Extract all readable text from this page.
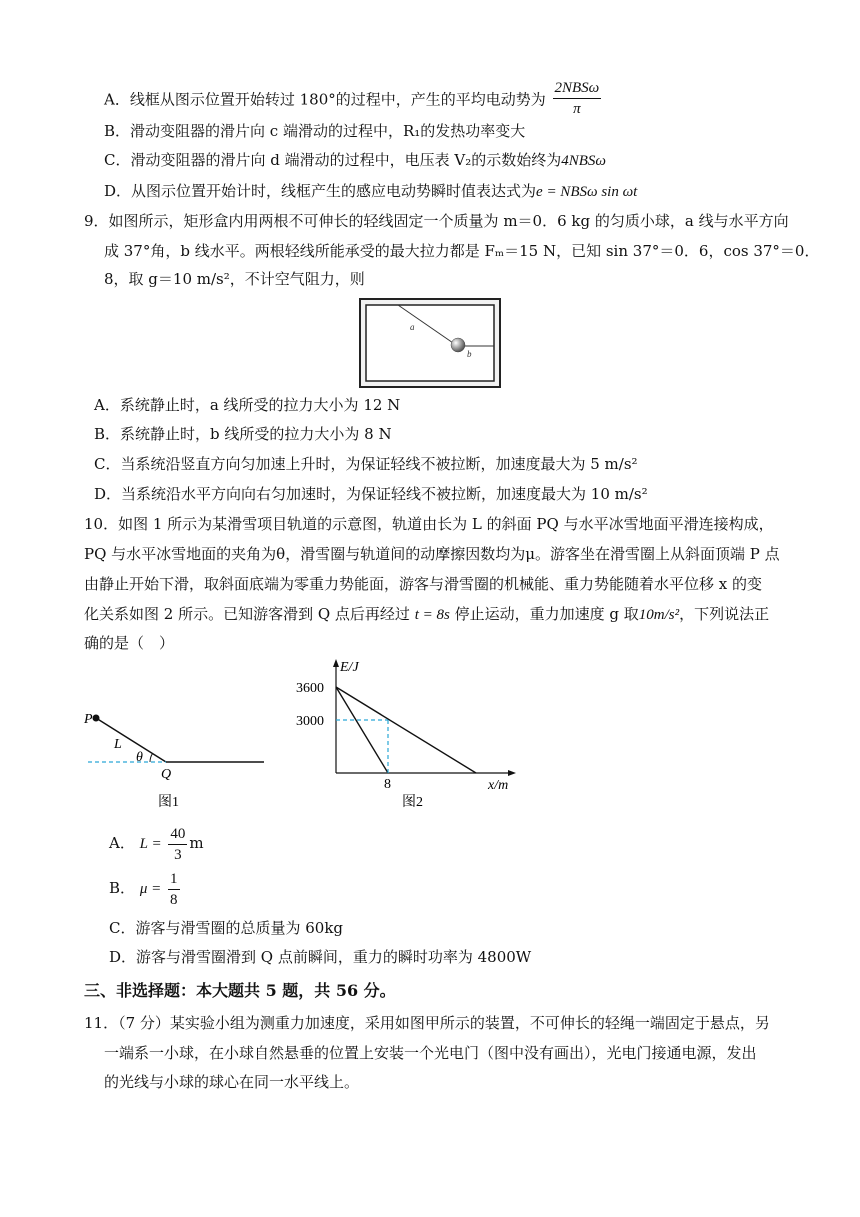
A．线框从图示位置开始转过 180°的过程中，产生的平均电动势为 $\frac{\text{2NBSω}}{\pi}$
B．滑动变阻器的滑片向 c 端滑动的过程中，R₁的发热功率变大
C．滑动变阻器的滑片向 d 端滑动的过程中，电压表 V₂的示数始终为4NBSω
D．从图示位置开始计时，线框产生的感应电动势瞬时值表达式为e = NBSω sin ωt
9．如图所示，矩形盒内用两根不可伸长的轻线固定一个质量为 m＝0．6 kg 的匀质小球，a 线与水平方向
成 37°角，b 线水平。两根轻线所能承受的最大拉力都是 Fₘ＝15 N，已知 sin 37°＝0．6，cos 37°＝0．
8，取 g＝10 m/s²，不计空气阻力，则
a
b
A．系统静止时，a 线所受的拉力大小为 12 N
B．系统静止时，b 线所受的拉力大小为 8 N
C．当系统沿竖直方向匀加速上升时，为保证轻线不被拉断，加速度最大为 5 m/s²
D．当系统沿水平方向向右匀加速时，为保证轻线不被拉断，加速度最大为 10 m/s²
10．如图 1 所示为某滑雪项目轨道的示意图，轨道由长为 L 的斜面 PQ 与水平冰雪地面平滑连接构成，
PQ 与水平冰雪地面的夹角为θ，滑雪圈与轨道间的动摩擦因数均为μ。游客坐在滑雪圈上从斜面顶端 P 点
由静止开始下滑，取斜面底端为零重力势能面，游客与滑雪圈的机械能、重力势能随着水平位移 x 的变
化关系如图 2 所示。已知游客滑到 Q 点后再经过 t = 8s 停止运动，重力加速度 g 取10m/s²，下列说法正
确的是（　）
P
L
θ
Q
图1
E/J
3600
3000
8	x/m
图2
A． $L = \frac{40}{3}$ m
B． $\mu = \frac{1}{8}$
C．游客与滑雪圈的总质量为 60kg
D．游客与滑雪圈滑到 Q 点前瞬间，重力的瞬时功率为 4800W
三、非选择题：本大题共 5 题，共 56 分。
11．（7 分）某实验小组为测重力加速度，采用如图甲所示的装置，不可伸长的轻绳一端固定于悬点，另
一端系一小球，在小球自然悬垂的位置上安装一个光电门（图中没有画出），光电门接通电源，发出
的光线与小球的球心在同一水平线上。
